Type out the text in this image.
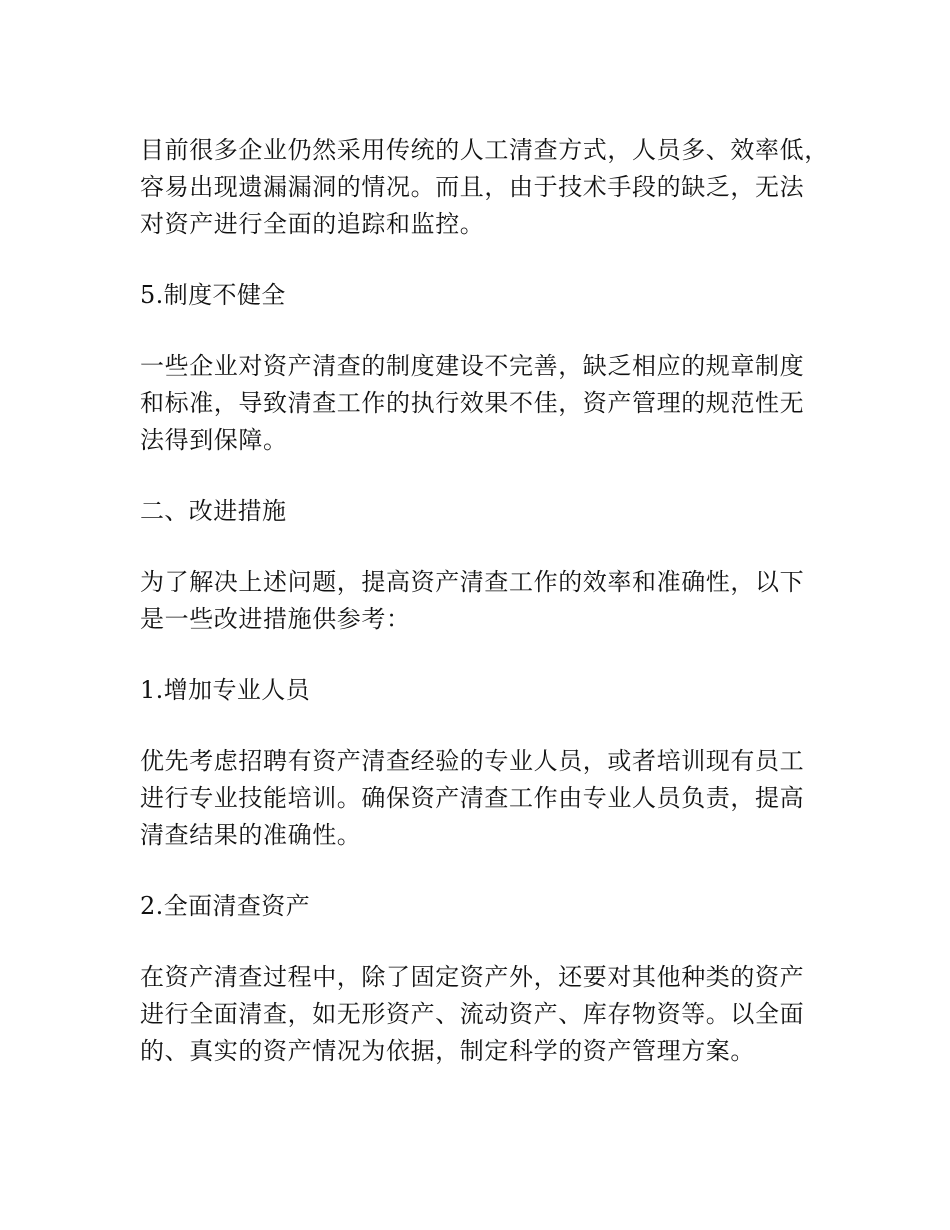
目前很多企业仍然采用传统的人工清查方式，人员多、效率低，
容易出现遗漏漏洞的情况。而且，由于技术手段的缺乏，无法
对资产进行全面的追踪和监控。

5.制度不健全

一些企业对资产清查的制度建设不完善，缺乏相应的规章制度
和标准，导致清查工作的执行效果不佳，资产管理的规范性无
法得到保障。

二、改进措施

为了解决上述问题，提高资产清查工作的效率和准确性，以下
是一些改进措施供参考：

1.增加专业人员

优先考虑招聘有资产清查经验的专业人员，或者培训现有员工
进行专业技能培训。确保资产清查工作由专业人员负责，提高
清查结果的准确性。

2.全面清查资产

在资产清查过程中，除了固定资产外，还要对其他种类的资产
进行全面清查，如无形资产、流动资产、库存物资等。以全面
的、真实的资产情况为依据，制定科学的资产管理方案。
